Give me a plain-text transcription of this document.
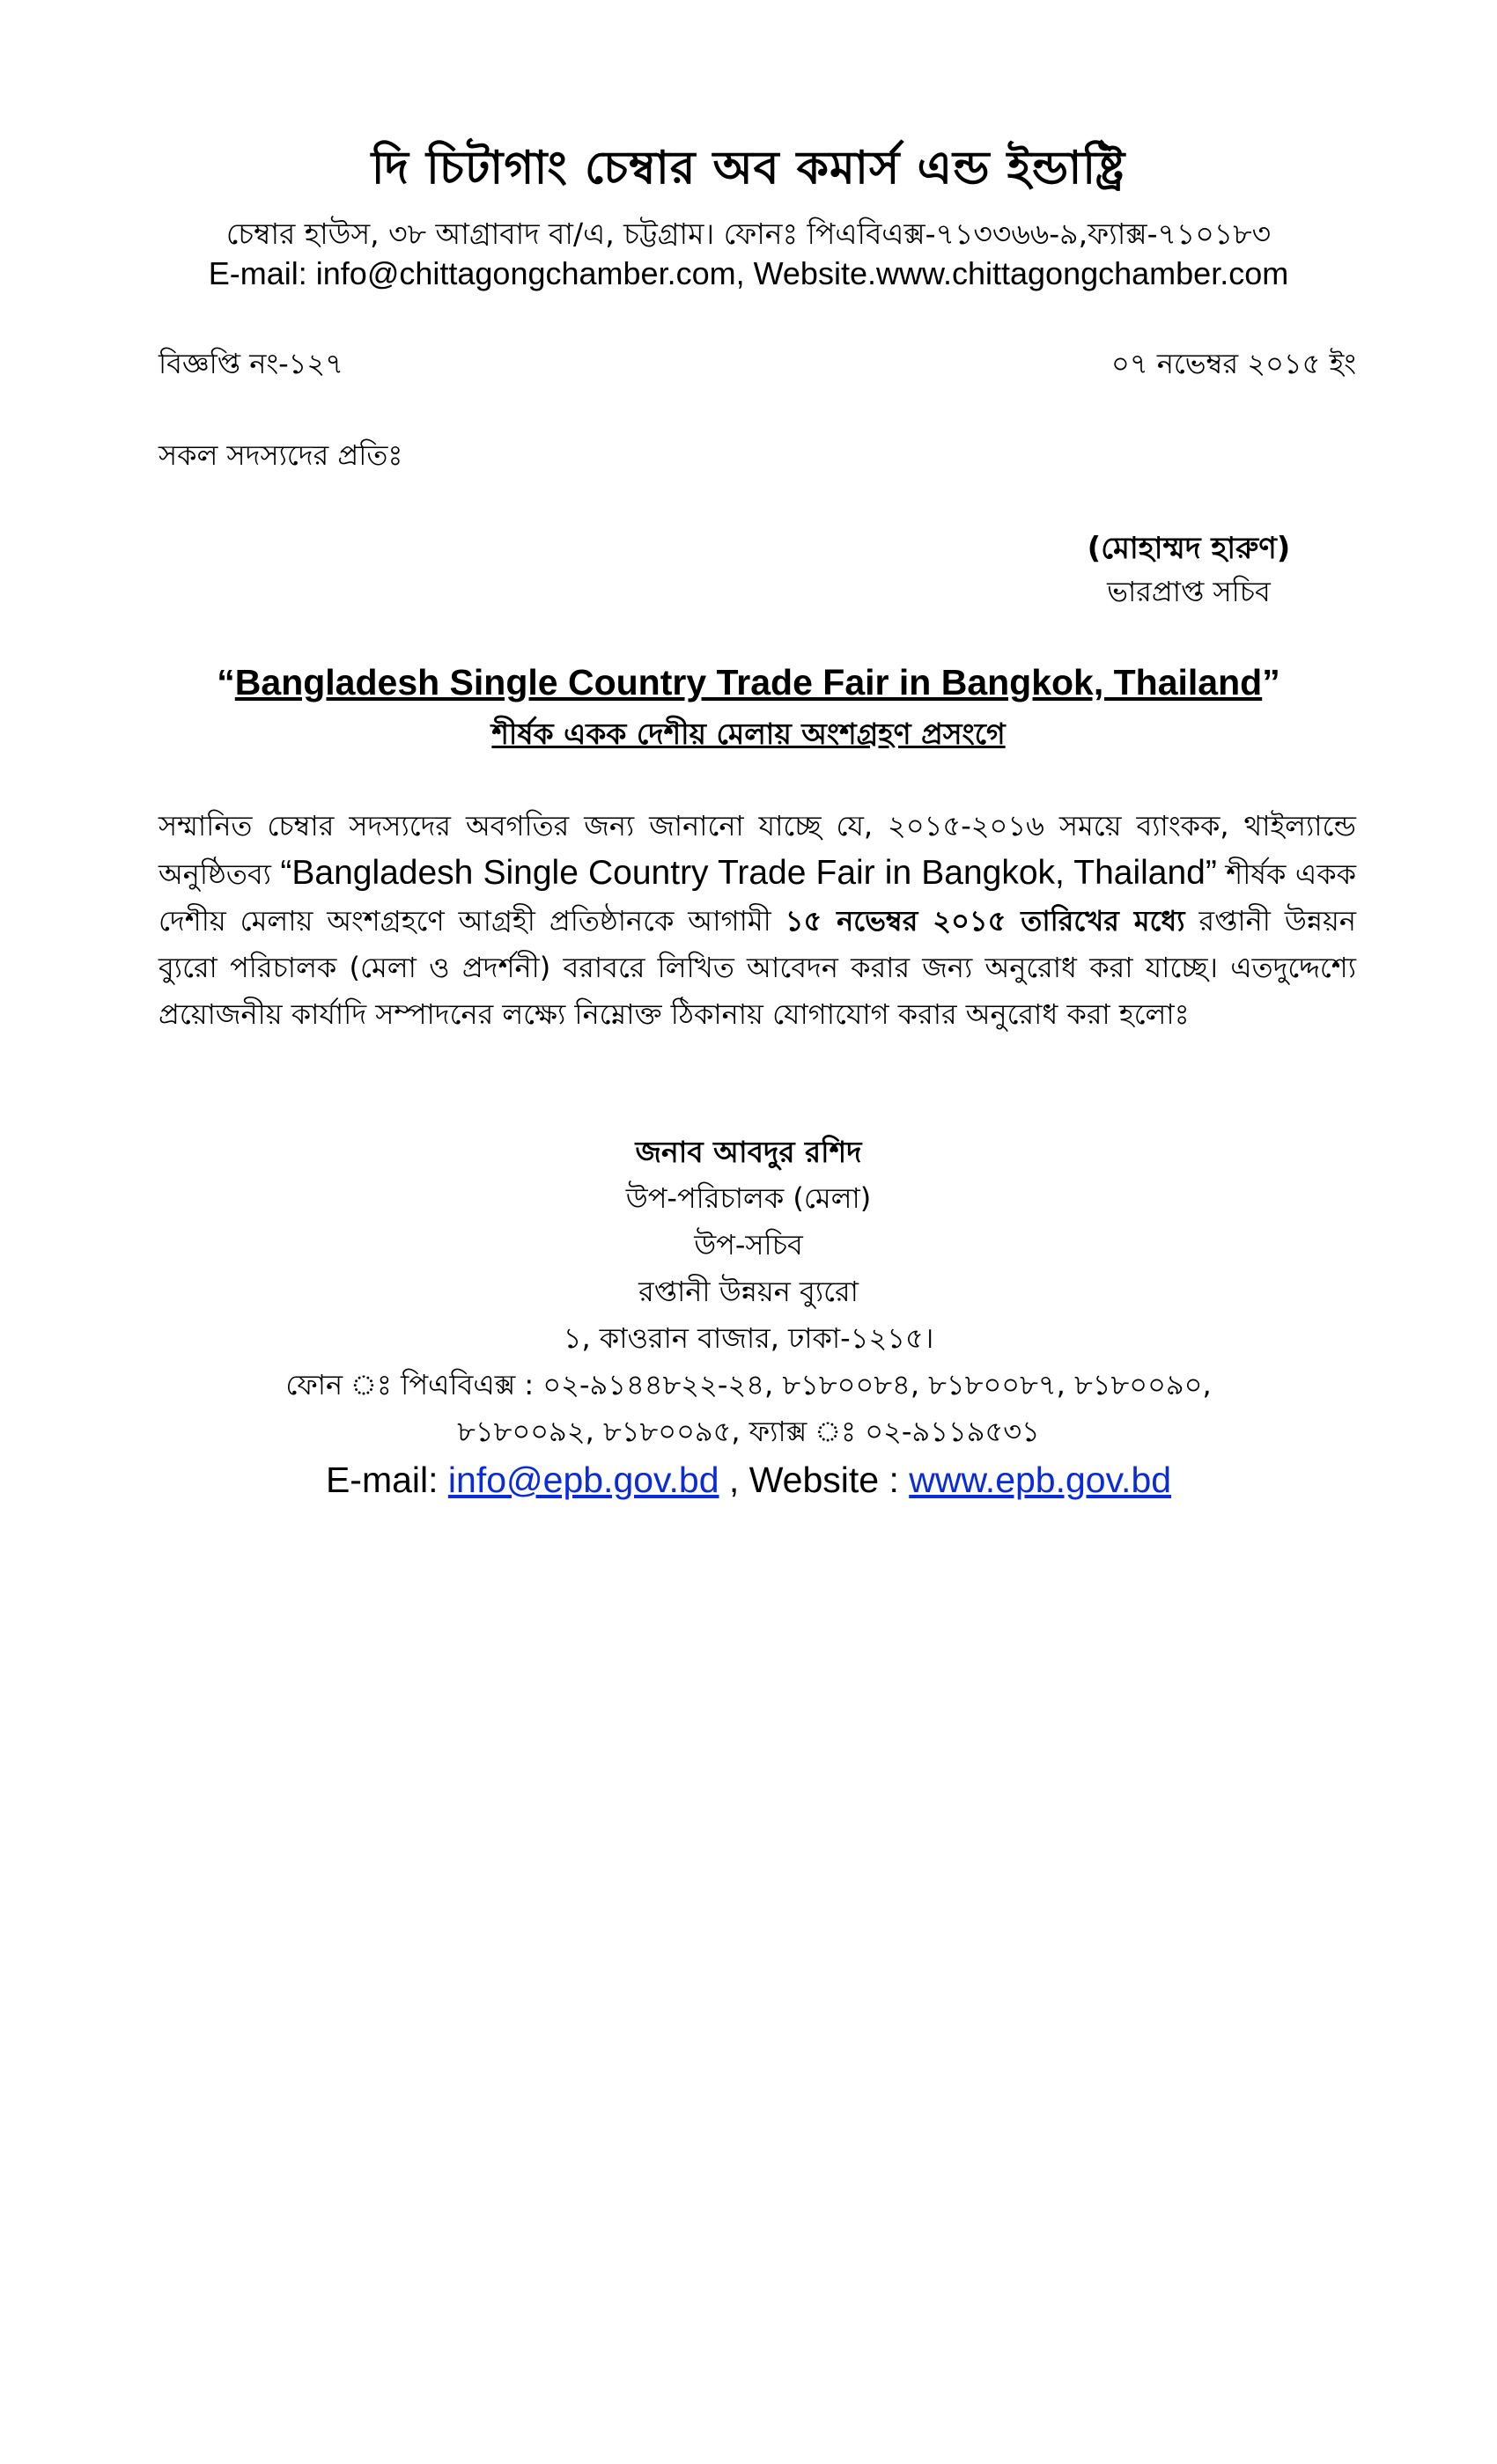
দি চিটাগাং চেম্বার অব কমার্স এন্ড ইন্ডাষ্ট্রি
চেম্বার হাউস, ৩৮ আগ্রাবাদ বা/এ, চট্টগ্রাম। ফোনঃ পিএবিএক্স-৭১৩৩৬৬-৯,ফ্যাক্স-৭১০১৮৩
E-mail: info@chittagongchamber.com, Website.www.chittagongchamber.com
বিজ্ঞপ্তি নং-১২৭	০৭ নভেম্বর ২০১৫ ইং
সকল সদস্যদের প্রতিঃ
(মোহাম্মদ হারুণ)
ভারপ্রাপ্ত সচিব
“Bangladesh Single Country Trade Fair in Bangkok, Thailand”
শীর্ষক একক দেশীয় মেলায় অংশগ্রহণ প্রসংগে
সম্মানিত চেম্বার সদস্যদের অবগতির জন্য জানানো যাচ্ছে যে, ২০১৫-২০১৬ সময়ে ব্যাংকক, থাইল্যান্ডে অনুষ্ঠিতব্য “Bangladesh Single Country Trade Fair in Bangkok, Thailand” শীর্ষক একক দেশীয় মেলায় অংশগ্রহণে আগ্রহী প্রতিষ্ঠানকে আগামী ১৫ নভেম্বর ২০১৫ তারিখের মধ্যে রপ্তানী উন্নয়ন ব্যুরো পরিচালক (মেলা ও প্রদর্শনী) বরাবরে লিখিত আবেদন করার জন্য অনুরোধ করা যাচ্ছে। এতদুদ্দেশ্যে প্রয়োজনীয় কার্যাদি সম্পাদনের লক্ষ্যে নিম্নোক্ত ঠিকানায় যোগাযোগ করার অনুরোধ করা হলোঃ
জনাব আবদুর রশিদ
উপ-পরিচালক (মেলা)
উপ-সচিব
রপ্তানী উন্নয়ন ব্যুরো
১, কাওরান বাজার, ঢাকা-১২১৫।
ফোন ঃ পিএবিএক্স : ০২-৯১৪৪৮২২-২৪, ৮১৮০০৮৪, ৮১৮০০৮৭, ৮১৮০০৯০,
৮১৮০০৯২, ৮১৮০০৯৫, ফ্যাক্স ঃ ০২-৯১১৯৫৩১
E-mail: info@epb.gov.bd , Website : www.epb.gov.bd
